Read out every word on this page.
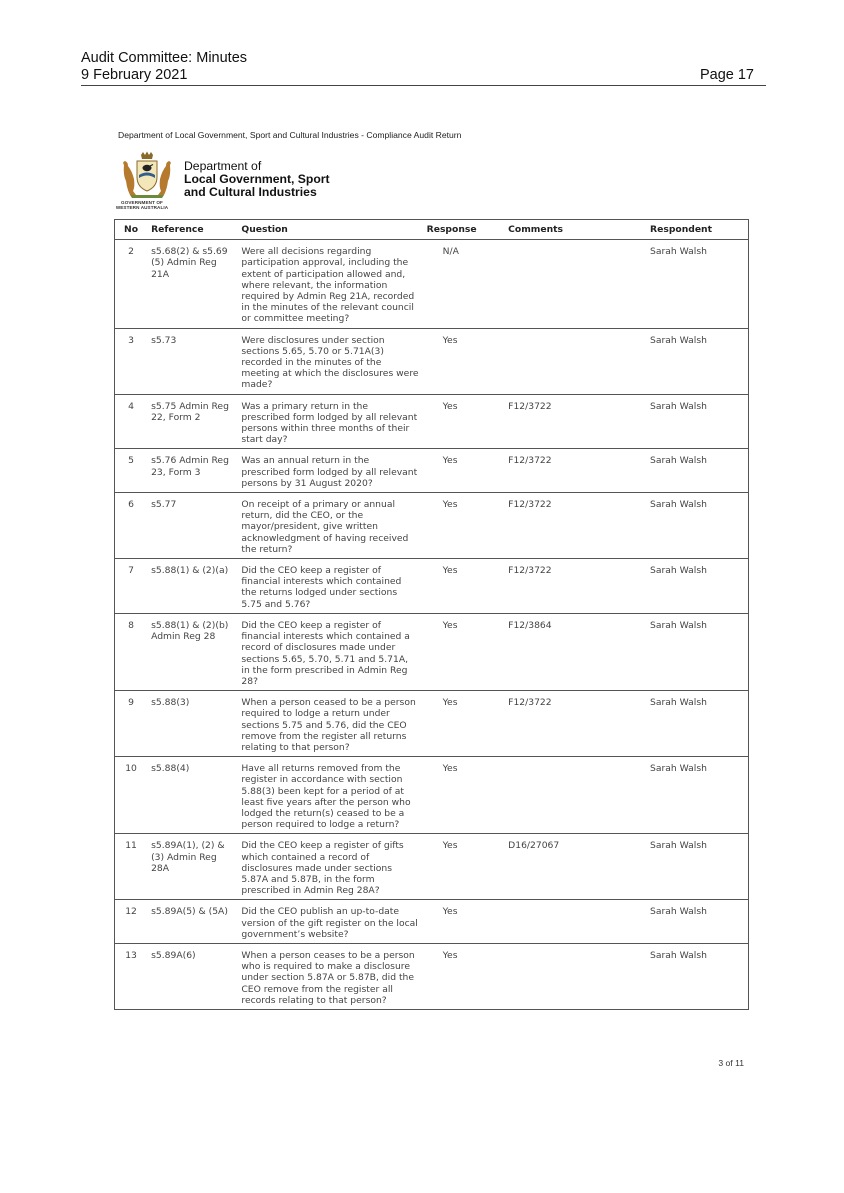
Audit Committee: Minutes
9 February 2021	Page 17
Department of Local Government, Sport and Cultural Industries - Compliance Audit Return
GOVERNMENT OF
WESTERN AUSTRALIA
Department of
Local Government, Sport
and Cultural Industries
No	Reference	Question	Response	Comments	Respondent
2	s5.68(2) & s5.69 (5) Admin Reg 21A	Were all decisions regarding participation approval, including the extent of participation allowed and, where relevant, the information required by Admin Reg 21A, recorded in the minutes of the relevant council or committee meeting?	N/A		Sarah Walsh
3	s5.73	Were disclosures under section sections 5.65, 5.70 or 5.71A(3) recorded in the minutes of the meeting at which the disclosures were made?	Yes		Sarah Walsh
4	s5.75 Admin Reg 22, Form 2	Was a primary return in the prescribed form lodged by all relevant persons within three months of their start day?	Yes	F12/3722	Sarah Walsh
5	s5.76 Admin Reg 23, Form 3	Was an annual return in the prescribed form lodged by all relevant persons by 31 August 2020?	Yes	F12/3722	Sarah Walsh
6	s5.77	On receipt of a primary or annual return, did the CEO, or the mayor/president, give written acknowledgment of having received the return?	Yes	F12/3722	Sarah Walsh
7	s5.88(1) & (2)(a)	Did the CEO keep a register of financial interests which contained the returns lodged under sections 5.75 and 5.76?	Yes	F12/3722	Sarah Walsh
8	s5.88(1) & (2)(b) Admin Reg 28	Did the CEO keep a register of financial interests which contained a record of disclosures made under sections 5.65, 5.70, 5.71 and 5.71A, in the form prescribed in Admin Reg 28?	Yes	F12/3864	Sarah Walsh
9	s5.88(3)	When a person ceased to be a person required to lodge a return under sections 5.75 and 5.76, did the CEO remove from the register all returns relating to that person?	Yes	F12/3722	Sarah Walsh
10	s5.88(4)	Have all returns removed from the register in accordance with section 5.88(3) been kept for a period of at least five years after the person who lodged the return(s) ceased to be a person required to lodge a return?	Yes		Sarah Walsh
11	s5.89A(1), (2) & (3) Admin Reg 28A	Did the CEO keep a register of gifts which contained a record of disclosures made under sections 5.87A and 5.87B, in the form prescribed in Admin Reg 28A?	Yes	D16/27067	Sarah Walsh
12	s5.89A(5) & (5A)	Did the CEO publish an up-to-date version of the gift register on the local government’s website?	Yes		Sarah Walsh
13	s5.89A(6)	When a person ceases to be a person who is required to make a disclosure under section 5.87A or 5.87B, did the CEO remove from the register all records relating to that person?	Yes		Sarah Walsh
3 of 11
